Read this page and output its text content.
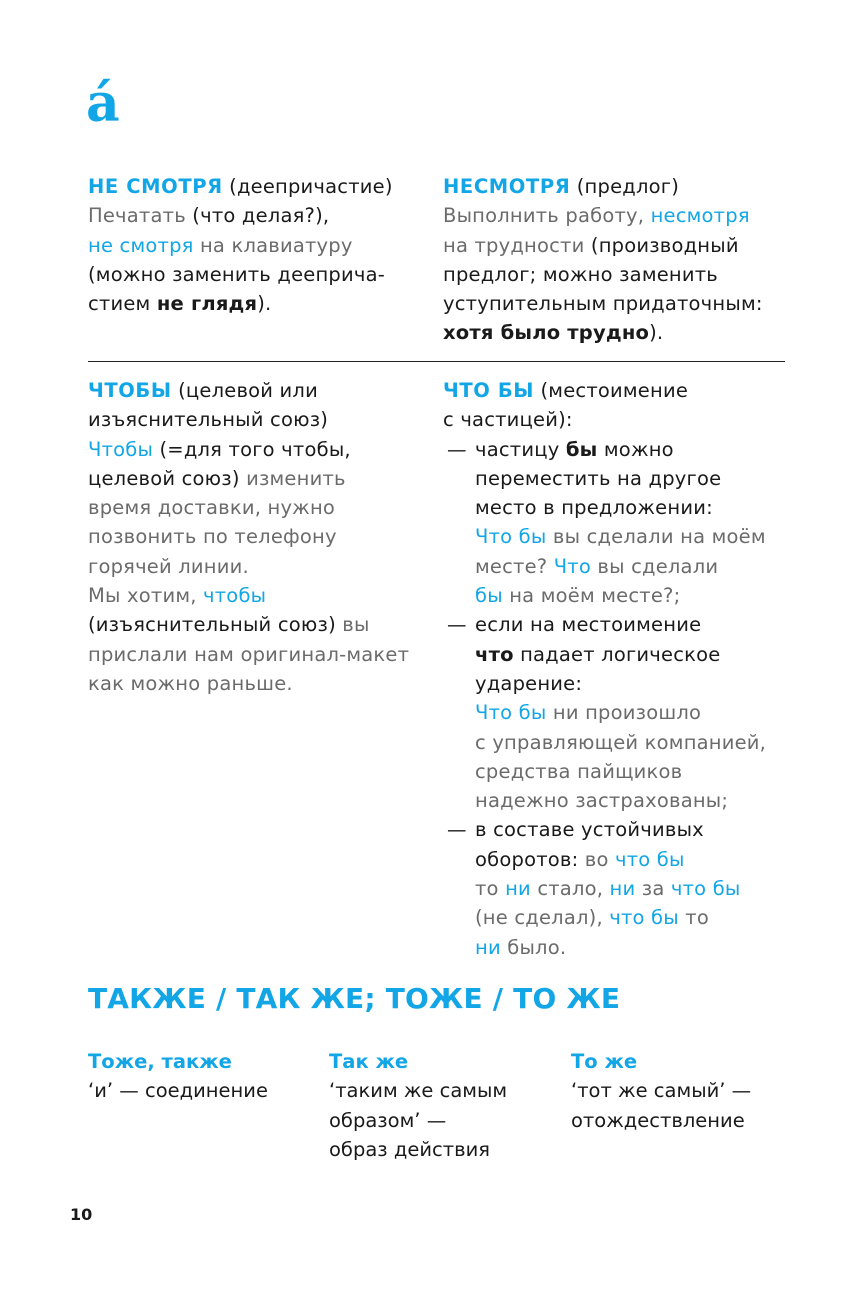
á

НЕ СМОТРЯ (деепричастие)

Печатать (что делая?),

не смотря на клавиатуру

(можно заменить дееприча-

стием не глядя).

НЕСМОТРЯ (предлог)

Выполнить работу, несмотря

на трудности (производный

предлог; можно заменить

уступительным придаточным:

хотя было трудно).

ЧТОБЫ (целевой или

изъяснительный союз)

Чтобы (=для того чтобы,

целевой союз) изменить

время доставки, нужно

позвонить по телефону

горячей линии.

Мы хотим, чтобы

(изъяснительный союз) вы

прислали нам оригинал-макет

как можно раньше.

ЧТО БЫ (местоимение

с частицей):

— частицу бы можно

переместить на другое

место в предложении:

Что бы вы сделали на моём

месте? Что вы сделали

бы на моём месте?;

— если на местоимение

что падает логическое

ударение:

Что бы ни произошло

с управляющей компанией,

средства пайщиков

надежно застрахованы;

— в составе устойчивых

оборотов: во что бы

то ни стало, ни за что бы

(не сделал), что бы то

ни было.

ТАКЖЕ / ТАК ЖЕ; ТОЖЕ / ТО ЖЕ
Тоже, также
‘и’ — соединение
Так же
‘таким же самым
образом’ —
образ действия
То же
‘тот же самый’ —
отождествление
10
